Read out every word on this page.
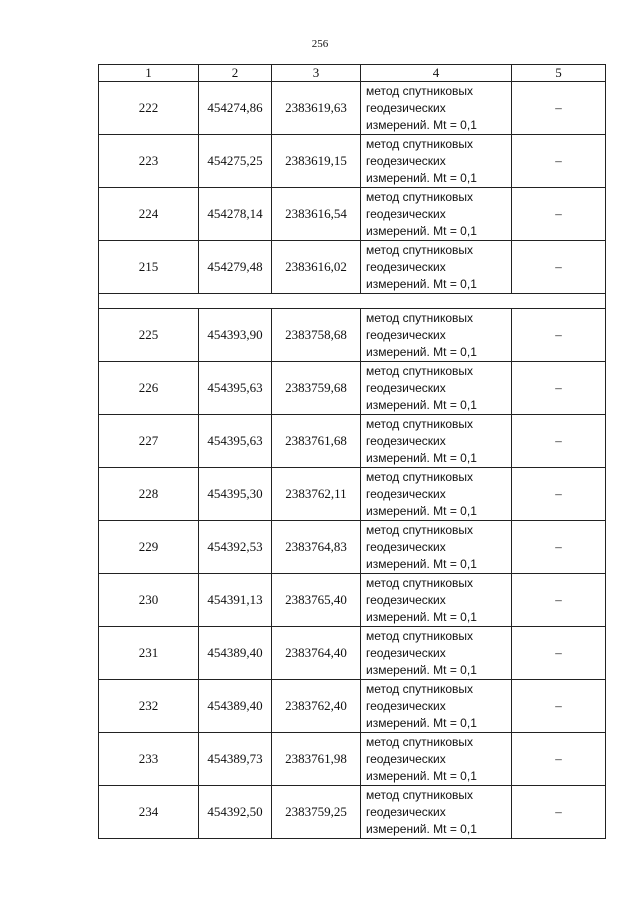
256
1	2	3	4	5
222	454274,86	2383619,63	метод спутниковых
геодезических
измерений. Mt = 0,1	–
223	454275,25	2383619,15	метод спутниковых
геодезических
измерений. Mt = 0,1	–
224	454278,14	2383616,54	метод спутниковых
геодезических
измерений. Mt = 0,1	–
215	454279,48	2383616,02	метод спутниковых
геодезических
измерений. Mt = 0,1	–

225	454393,90	2383758,68	метод спутниковых
геодезических
измерений. Mt = 0,1	–
226	454395,63	2383759,68	метод спутниковых
геодезических
измерений. Mt = 0,1	–
227	454395,63	2383761,68	метод спутниковых
геодезических
измерений. Mt = 0,1	–
228	454395,30	2383762,11	метод спутниковых
геодезических
измерений. Mt = 0,1	–
229	454392,53	2383764,83	метод спутниковых
геодезических
измерений. Mt = 0,1	–
230	454391,13	2383765,40	метод спутниковых
геодезических
измерений. Mt = 0,1	–
231	454389,40	2383764,40	метод спутниковых
геодезических
измерений. Mt = 0,1	–
232	454389,40	2383762,40	метод спутниковых
геодезических
измерений. Mt = 0,1	–
233	454389,73	2383761,98	метод спутниковых
геодезических
измерений. Mt = 0,1	–
234	454392,50	2383759,25	метод спутниковых
геодезических
измерений. Mt = 0,1	–
